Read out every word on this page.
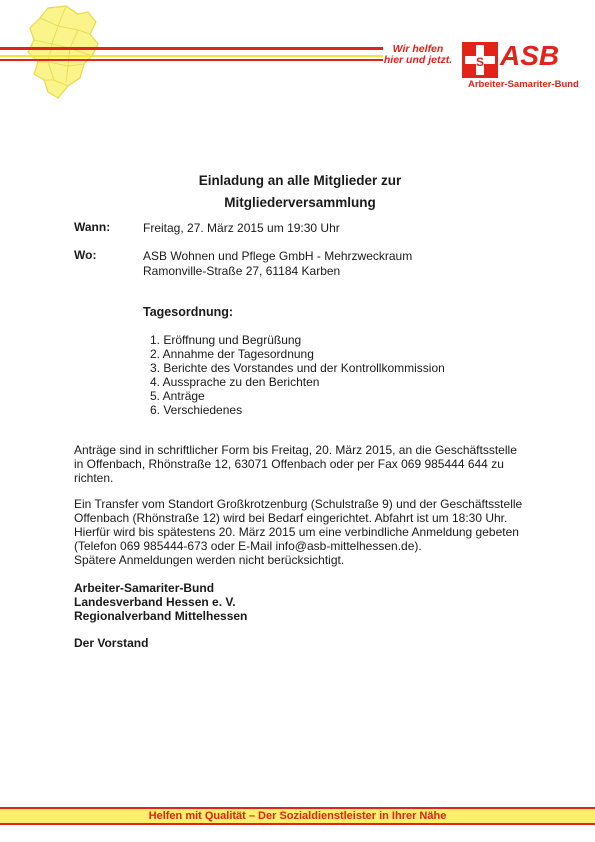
Wir helfen
hier und jetzt. S ASB
Arbeiter-Samariter-Bund
Einladung an alle Mitglieder zur
Mitgliederversammlung
Wann:	Freitag, 27. März 2015 um 19:30 Uhr
Wo:	ASB Wohnen und Pflege GmbH - Mehrzweckraum
Ramonville-Straße 27, 61184 Karben
Tagesordnung:
1. Eröffnung und Begrüßung
2. Annahme der Tagesordnung
3. Berichte des Vorstandes und der Kontrollkommission
4. Aussprache zu den Berichten
5. Anträge
6. Verschiedenes
Anträge sind in schriftlicher Form bis Freitag, 20. März 2015, an die Geschäftsstelle
in Offenbach, Rhönstraße 12, 63071 Offenbach oder per Fax 069 985444 644 zu
richten.
Ein Transfer vom Standort Großkrotzenburg (Schulstraße 9) und der Geschäftsstelle
Offenbach (Rhönstraße 12) wird bei Bedarf eingerichtet. Abfahrt ist um 18:30 Uhr.
Hierfür wird bis spätestens 20. März 2015 um eine verbindliche Anmeldung gebeten
(Telefon 069 985444-673 oder E-Mail info@asb-mittelhessen.de).
Spätere Anmeldungen werden nicht berücksichtigt.
Arbeiter-Samariter-Bund
Landesverband Hessen e. V.
Regionalverband Mittelhessen
Der Vorstand
Helfen mit Qualität – Der Sozialdienstleister in Ihrer Nähe
